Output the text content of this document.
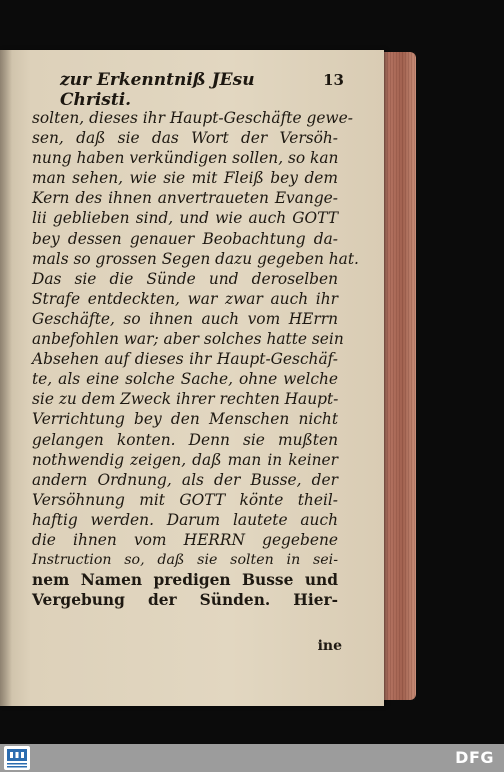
zur Erkenntniß JEsu Christi.
13
solten, dieses ihr Haupt-Geschäfte gewe-
sen, daß sie das Wort der Versöh-
nung haben verkündigen sollen, so kan
man sehen, wie sie mit Fleiß bey dem
Kern des ihnen anvertraueten Evange-
lii geblieben sind, und wie auch GOTT
bey dessen genauer Beobachtung da-
mals so grossen Segen dazu gegeben hat.
Das sie die Sünde und deroselben
Strafe entdeckten, war zwar auch ihr
Geschäfte, so ihnen auch vom HErrn
anbefohlen war; aber solches hatte sein
Absehen auf dieses ihr Haupt-Geschäf-
te, als eine solche Sache, ohne welche
sie zu dem Zweck ihrer rechten Haupt-
Verrichtung bey den Menschen nicht
gelangen konten. Denn sie mußten
nothwendig zeigen, daß man in keiner
andern Ordnung, als der Busse, der
Versöhnung mit GOTT könte theil-
haftig werden. Darum lautete auch
die ihnen vom HERRN gegebene
Instruction so, daß sie solten in sei-
nem Namen predigen Busse und
Vergebung der Sünden. Hier-
ine
DFG
